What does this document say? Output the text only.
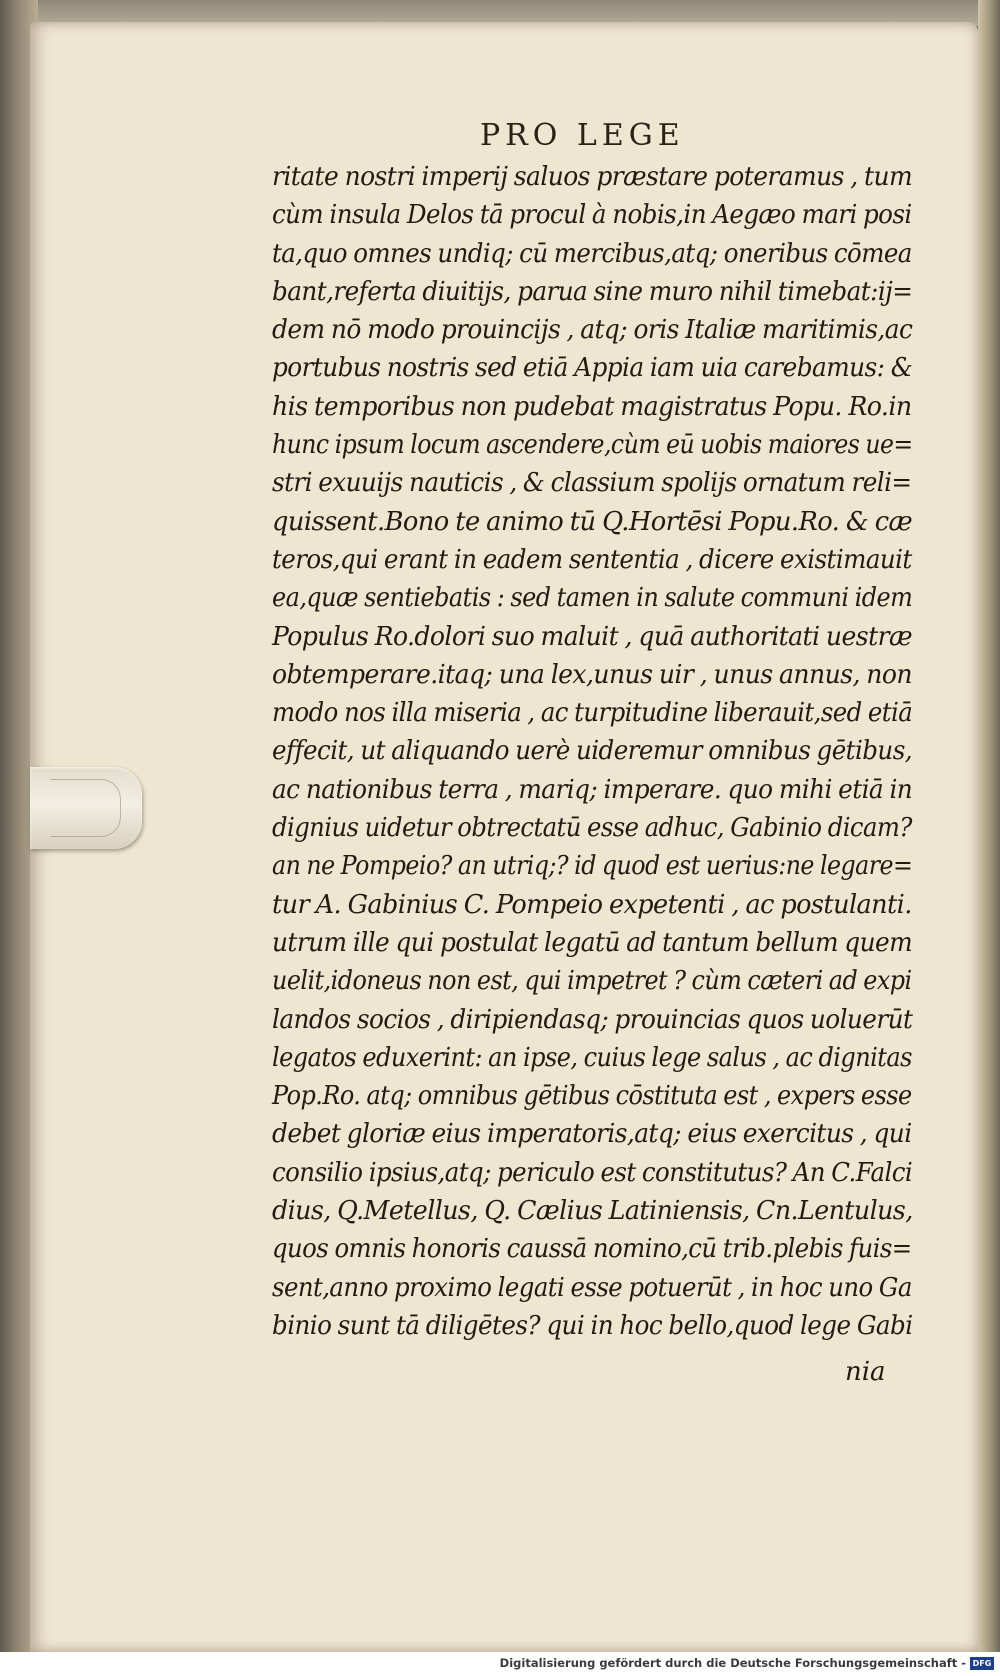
PRO LEGE
ritate nostri imperij saluos præstare poteramus , tum
cùm insula Delos tā procul à nobis,in Aegæo mari posi
ta,quo omnes undiq; cū mercibus,atq; oneribus cōmea
bant,referta diuitijs, parua sine muro nihil timebat:ij=
dem nō modo prouincijs , atq; oris Italiæ maritimis,ac
portubus nostris sed etiā Appia iam uia carebamus: &
his temporibus non pudebat magistratus Popu. Ro.in
hunc ipsum locum ascendere,cùm eū uobis maiores ue=
stri exuuijs nauticis , & classium spolijs ornatum reli=
quissent.Bono te animo tū Q.Hortēsi Popu.Ro. & cæ
teros,qui erant in eadem sententia , dicere existimauit
ea,quæ sentiebatis : sed tamen in salute communi idem
Populus Ro.dolori suo maluit , quā authoritati uestræ
obtemperare.itaq; una lex,unus uir , unus annus, non
modo nos illa miseria , ac turpitudine liberauit,sed etiā
effecit, ut aliquando uerè uideremur omnibus gētibus,
ac nationibus terra , mariq; imperare. quo mihi etiā in
dignius uidetur obtrectatū esse adhuc, Gabinio dicam?
an ne Pompeio? an utriq;? id quod est uerius:ne legare=
tur A. Gabinius C. Pompeio expetenti , ac postulanti.
utrum ille qui postulat legatū ad tantum bellum quem
uelit,idoneus non est, qui impetret ? cùm cæteri ad expi
landos socios , diripiendasq; prouincias quos uoluerūt
legatos eduxerint: an ipse, cuius lege salus , ac dignitas
Pop.Ro. atq; omnibus gētibus cōstituta est , expers esse
debet gloriæ eius imperatoris,atq; eius exercitus , qui
consilio ipsius,atq; periculo est constitutus? An C.Falci
dius, Q.Metellus, Q. Cælius Latiniensis, Cn.Lentulus,
quos omnis honoris caussā nomino,cū trib.plebis fuis=
sent,anno proximo legati esse potuerūt , in hoc uno Ga
binio sunt tā diligētes? qui in hoc bello,quod lege Gabi
nia
Digitalisierung gefördert durch die Deutsche Forschungsgemeinschaft - DFG
